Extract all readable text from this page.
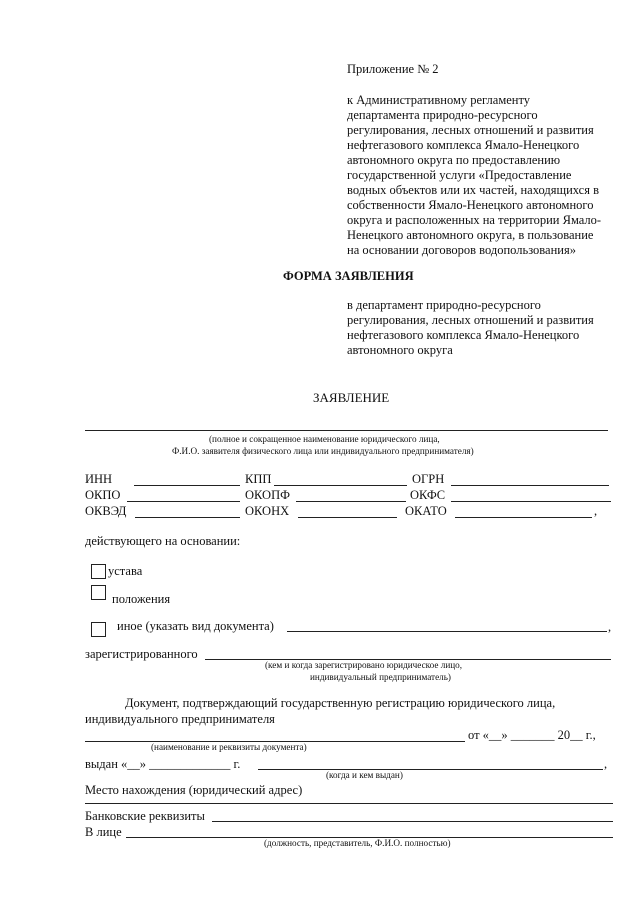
Приложение № 2

к Административному регламенту

департамента природно-ресурсного

регулирования, лесных отношений и развития

нефтегазового комплекса Ямало-Ненецкого

автономного округа по предоставлению

государственной услуги «Предоставление

водных объектов или их частей, находящихся в

собственности Ямало-Ненецкого автономного

округа и расположенных на территории Ямало-

Ненецкого автономного округа, в пользование

на основании договоров водопользования»

ФОРМА ЗАЯВЛЕНИЯ

в департамент природно-ресурсного

регулирования, лесных отношений и развития

нефтегазового комплекса Ямало-Ненецкого

автономного округа

ЗАЯВЛЕНИЕ
(полное и сокращенное наименование юридического лица,
Ф.И.О. заявителя физического лица или индивидуального предпринимателя)
ИНН	КПП	ОГРН
ОКПО	ОКОПФ	ОКФС
ОКВЭД	ОКОНХ	ОКАТО	,
действующего на основании:
устава
положения
иное (указать вид документа)	,
зарегистрированного
(кем и когда зарегистрировано юридическое лицо,
индивидуальный предприниматель)
Документ, подтверждающий государственную регистрацию юридического лица,
индивидуального предпринимателя
от «__» _______ 20__ г.,
(наименование и реквизиты документа)
выдан «__» _____________ г.	,
(когда и кем выдан)
Место нахождения (юридический адрес)
Банковские реквизиты
В лице
(должность, представитель, Ф.И.О. полностью)
